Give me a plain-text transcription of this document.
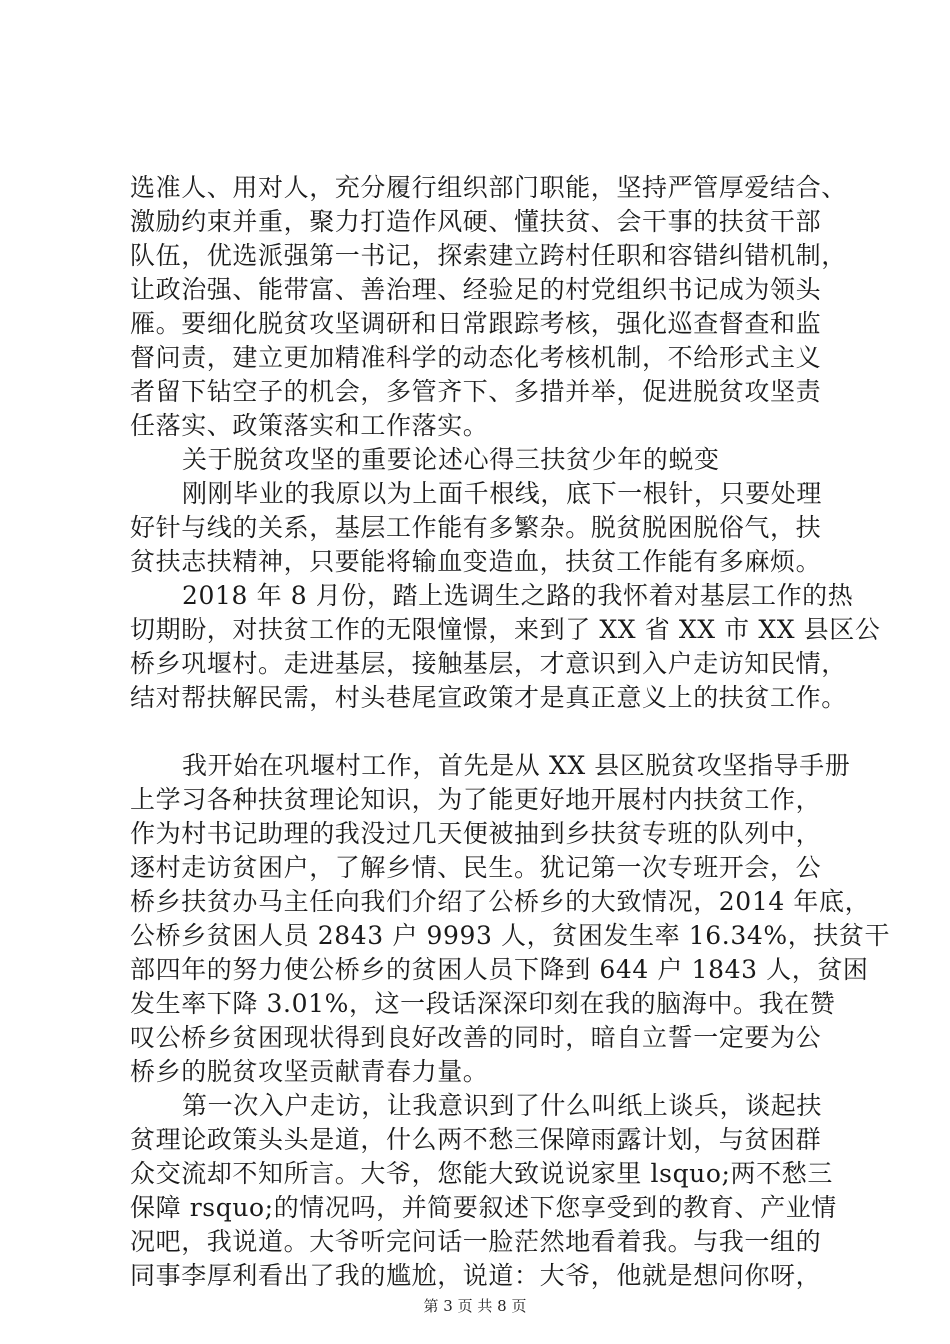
选准人、用对人，充分履行组织部门职能，坚持严管厚爱结合、
激励约束并重，聚力打造作风硬、懂扶贫、会干事的扶贫干部
队伍，优选派强第一书记，探索建立跨村任职和容错纠错机制，
让政治强、能带富、善治理、经验足的村党组织书记成为领头
雁。要细化脱贫攻坚调研和日常跟踪考核，强化巡查督查和监
督问责，建立更加精准科学的动态化考核机制，不给形式主义
者留下钻空子的机会，多管齐下、多措并举，促进脱贫攻坚责
任落实、政策落实和工作落实。
关于脱贫攻坚的重要论述心得三扶贫少年的蜕变
刚刚毕业的我原以为上面千根线，底下一根针，只要处理
好针与线的关系，基层工作能有多繁杂。脱贫脱困脱俗气，扶
贫扶志扶精神，只要能将输血变造血，扶贫工作能有多麻烦。
2018 年 8 月份，踏上选调生之路的我怀着对基层工作的热
切期盼，对扶贫工作的无限憧憬，来到了 XX 省 XX 市 XX 县区公
桥乡巩堰村。走进基层，接触基层，才意识到入户走访知民情，
结对帮扶解民需，村头巷尾宣政策才是真正意义上的扶贫工作。
我开始在巩堰村工作，首先是从 XX 县区脱贫攻坚指导手册
上学习各种扶贫理论知识，为了能更好地开展村内扶贫工作，
作为村书记助理的我没过几天便被抽到乡扶贫专班的队列中，
逐村走访贫困户，了解乡情、民生。犹记第一次专班开会，公
桥乡扶贫办马主任向我们介绍了公桥乡的大致情况，2014 年底，
公桥乡贫困人员 2843 户 9993 人，贫困发生率 16.34%，扶贫干
部四年的努力使公桥乡的贫困人员下降到 644 户 1843 人，贫困
发生率下降 3.01%，这一段话深深印刻在我的脑海中。我在赞
叹公桥乡贫困现状得到良好改善的同时，暗自立誓一定要为公
桥乡的脱贫攻坚贡献青春力量。
第一次入户走访，让我意识到了什么叫纸上谈兵，谈起扶
贫理论政策头头是道，什么两不愁三保障雨露计划，与贫困群
众交流却不知所言。大爷，您能大致说说家里 lsquo;两不愁三
保障 rsquo;的情况吗，并简要叙述下您享受到的教育、产业情
况吧，我说道。大爷听完问话一脸茫然地看着我。与我一组的
同事李厚利看出了我的尴尬，说道：大爷，他就是想问你呀，
第 3 页 共 8 页
